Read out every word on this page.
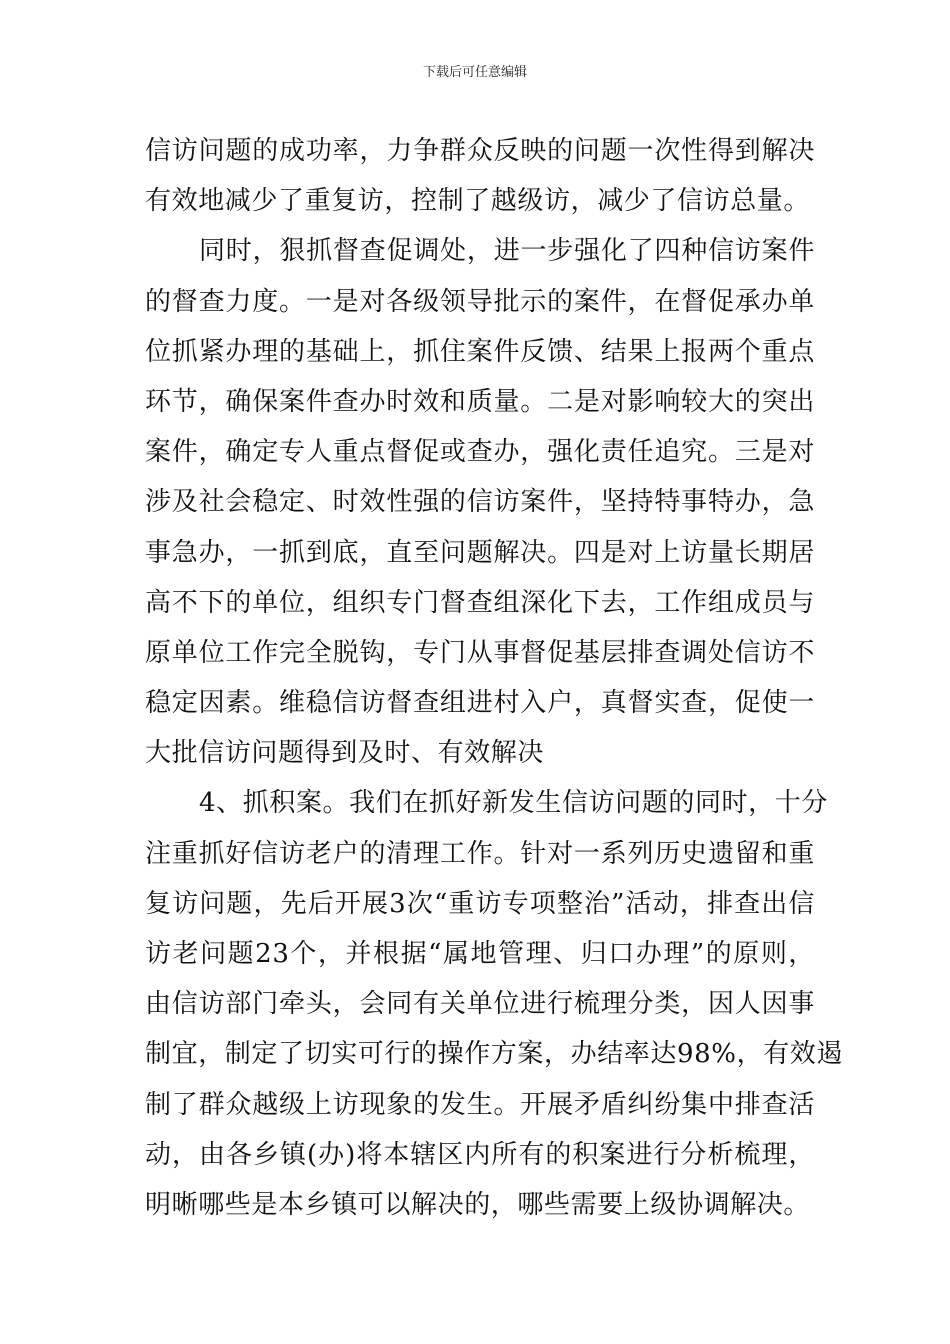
下载后可任意编辑
信访问题的成功率，力争群众反映的问题一次性得到解决
有效地减少了重复访，控制了越级访，减少了信访总量。
同时，狠抓督查促调处，进一步强化了四种信访案件
的督查力度。一是对各级领导批示的案件，在督促承办单
位抓紧办理的基础上，抓住案件反馈、结果上报两个重点
环节，确保案件查办时效和质量。二是对影响较大的突出
案件，确定专人重点督促或查办，强化责任追究。三是对
涉及社会稳定、时效性强的信访案件，坚持特事特办，急
事急办，一抓到底，直至问题解决。四是对上访量长期居
高不下的单位，组织专门督查组深化下去，工作组成员与
原单位工作完全脱钩，专门从事督促基层排查调处信访不
稳定因素。维稳信访督查组进村入户，真督实查，促使一
大批信访问题得到及时、有效解决
4、抓积案。我们在抓好新发生信访问题的同时，十分
注重抓好信访老户的清理工作。针对一系列历史遗留和重
复访问题，先后开展3次“重访专项整治”活动，排查出信
访老问题23个，并根据“属地管理、归口办理”的原则，
由信访部门牵头，会同有关单位进行梳理分类，因人因事
制宜，制定了切实可行的操作方案，办结率达98%，有效遏
制了群众越级上访现象的发生。开展矛盾纠纷集中排查活
动，由各乡镇(办)将本辖区内所有的积案进行分析梳理，
明晰哪些是本乡镇可以解决的，哪些需要上级协调解决。
